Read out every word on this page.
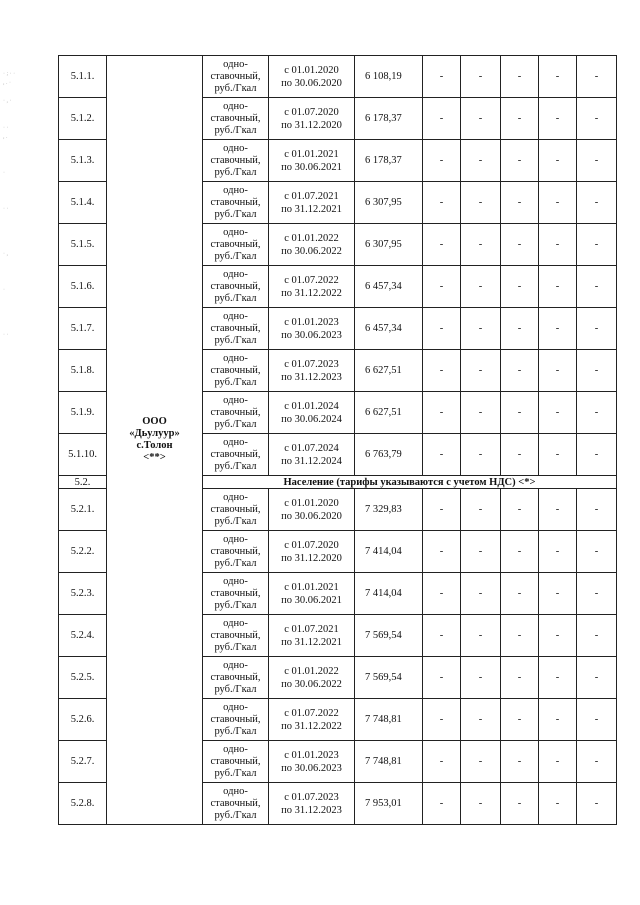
· ; · ·
, . ·

· , ·

· ·
, .

·

· ·

· ,

·

· ·
5.1.1.	ООО
«Дьулуур»
с.Толон
<**>	одно-
ставочный,
руб./Гкал	с 01.01.2020
по 30.06.2020	6 108,19	-	-	-	-	-
5.1.2.		одно-
ставочный,
руб./Гкал	с 01.07.2020
по 31.12.2020	6 178,37	-	-	-	-	-
5.1.3.		одно-
ставочный,
руб./Гкал	с 01.01.2021
по 30.06.2021	6 178,37	-	-	-	-	-
5.1.4.		одно-
ставочный,
руб./Гкал	с 01.07.2021
по 31.12.2021	6 307,95	-	-	-	-	-
5.1.5.		одно-
ставочный,
руб./Гкал	с 01.01.2022
по 30.06.2022	6 307,95	-	-	-	-	-
5.1.6.		одно-
ставочный,
руб./Гкал	с 01.07.2022
по 31.12.2022	6 457,34	-	-	-	-	-
5.1.7.		одно-
ставочный,
руб./Гкал	с 01.01.2023
по 30.06.2023	6 457,34	-	-	-	-	-
5.1.8.		одно-
ставочный,
руб./Гкал	с 01.07.2023
по 31.12.2023	6 627,51	-	-	-	-	-
5.1.9.		одно-
ставочный,
руб./Гкал	с 01.01.2024
по 30.06.2024	6 627,51	-	-	-	-	-
5.1.10.		одно-
ставочный,
руб./Гкал	с 01.07.2024
по 31.12.2024	6 763,79	-	-	-	-	-
5.2.		Население (тарифы указываются с учетом НДС) <*>							
5.2.1.		одно-
ставочный,
руб./Гкал	с 01.01.2020
по 30.06.2020	7 329,83	-	-	-	-	-
5.2.2.		одно-
ставочный,
руб./Гкал	с 01.07.2020
по 31.12.2020	7 414,04	-	-	-	-	-
5.2.3.		одно-
ставочный,
руб./Гкал	с 01.01.2021
по 30.06.2021	7 414,04	-	-	-	-	-
5.2.4.		одно-
ставочный,
руб./Гкал	с 01.07.2021
по 31.12.2021	7 569,54	-	-	-	-	-
5.2.5.		одно-
ставочный,
руб./Гкал	с 01.01.2022
по 30.06.2022	7 569,54	-	-	-	-	-
5.2.6.		одно-
ставочный,
руб./Гкал	с 01.07.2022
по 31.12.2022	7 748,81	-	-	-	-	-
5.2.7.		одно-
ставочный,
руб./Гкал	с 01.01.2023
по 30.06.2023	7 748,81	-	-	-	-	-
5.2.8.		одно-
ставочный,
руб./Гкал	с 01.07.2023
по 31.12.2023	7 953,01	-	-	-	-	-
